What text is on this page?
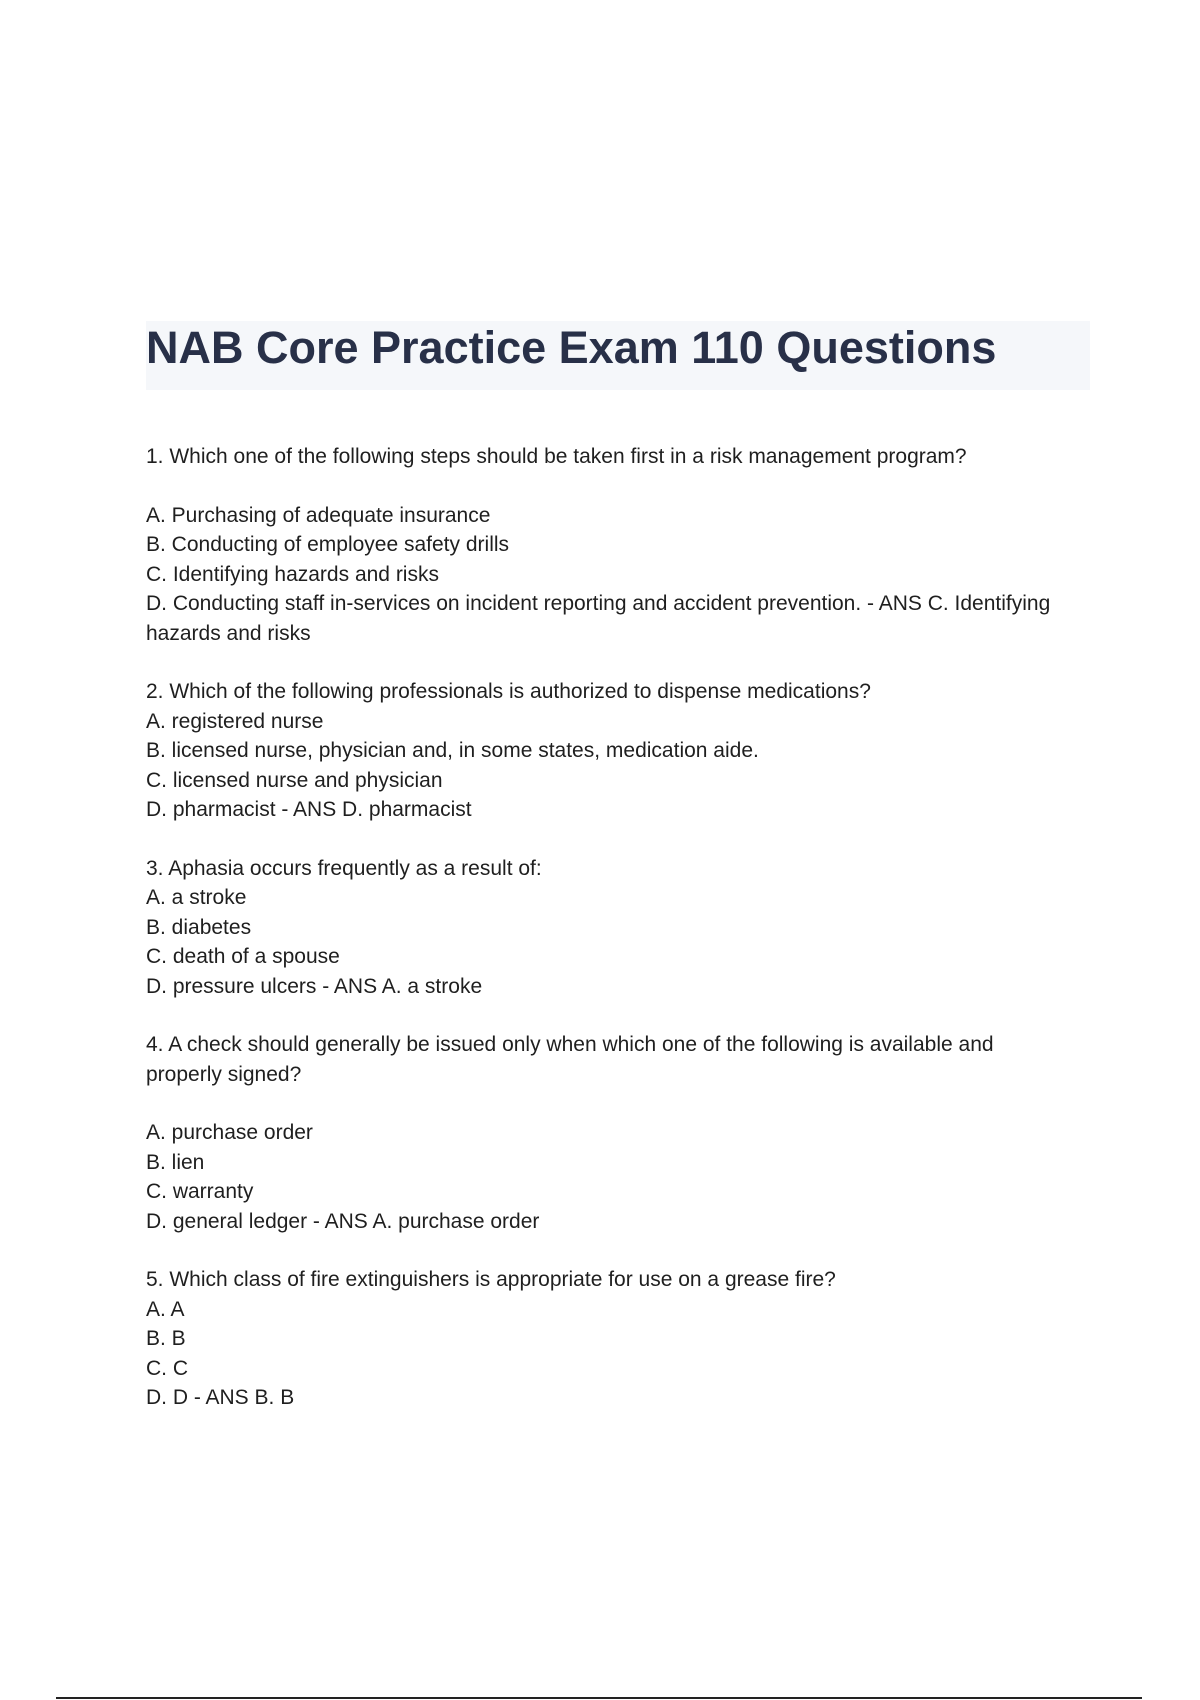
NAB Core Practice Exam 110 Questions

1. Which one of the following steps should be taken first in a risk management program?

A. Purchasing of adequate insurance

B. Conducting of employee safety drills

C. Identifying hazards and risks

D. Conducting staff in-services on incident reporting and accident prevention. - ANS C. Identifying hazards and risks

2. Which of the following professionals is authorized to dispense medications?

A. registered nurse

B. licensed nurse, physician and, in some states, medication aide.

C. licensed nurse and physician

D. pharmacist - ANS D. pharmacist

3. Aphasia occurs frequently as a result of:

A. a stroke

B. diabetes

C. death of a spouse

D. pressure ulcers - ANS A. a stroke

4. A check should generally be issued only when which one of the following is available and properly signed?

A. purchase order

B. lien

C. warranty

D. general ledger - ANS A. purchase order

5. Which class of fire extinguishers is appropriate for use on a grease fire?

A. A

B. B

C. C

D. D - ANS B. B
